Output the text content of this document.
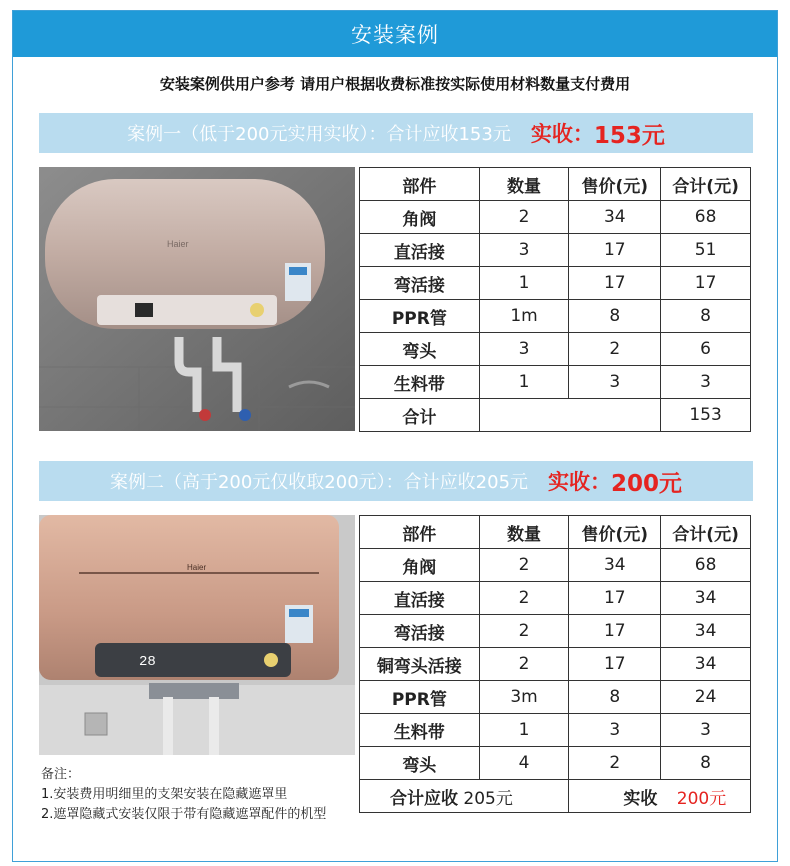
安装案例
安装案例供用户参考 请用户根据收费标准按实际使用材料数量支付费用
案例一（低于200元实用实收）：合计应收153元 实收： 153元
Haier
部件	数量	售价(元)	合计(元)
角阀	2	34	68
直活接	3	17	51
弯活接	1	17	17
PPR管	1m	8	8
弯头	3	2	6
生料带	1	3	3
合计			153
案例二（高于200元仅收取200元）：合计应收205元 实收： 200元
Haier
28
部件	数量	售价(元)	合计(元)
角阀	2	34	68
直活接	2	17	34
弯活接	2	17	34
铜弯头活接	2	17	34
PPR管	3m	8	24
生料带	1	3	3
弯头	4	2	8
合计应收 205元		实收 200元	
备注：
1.安装费用明细里的支架安装在隐藏遮罩里
2.遮罩隐藏式安装仅限于带有隐藏遮罩配件的机型
